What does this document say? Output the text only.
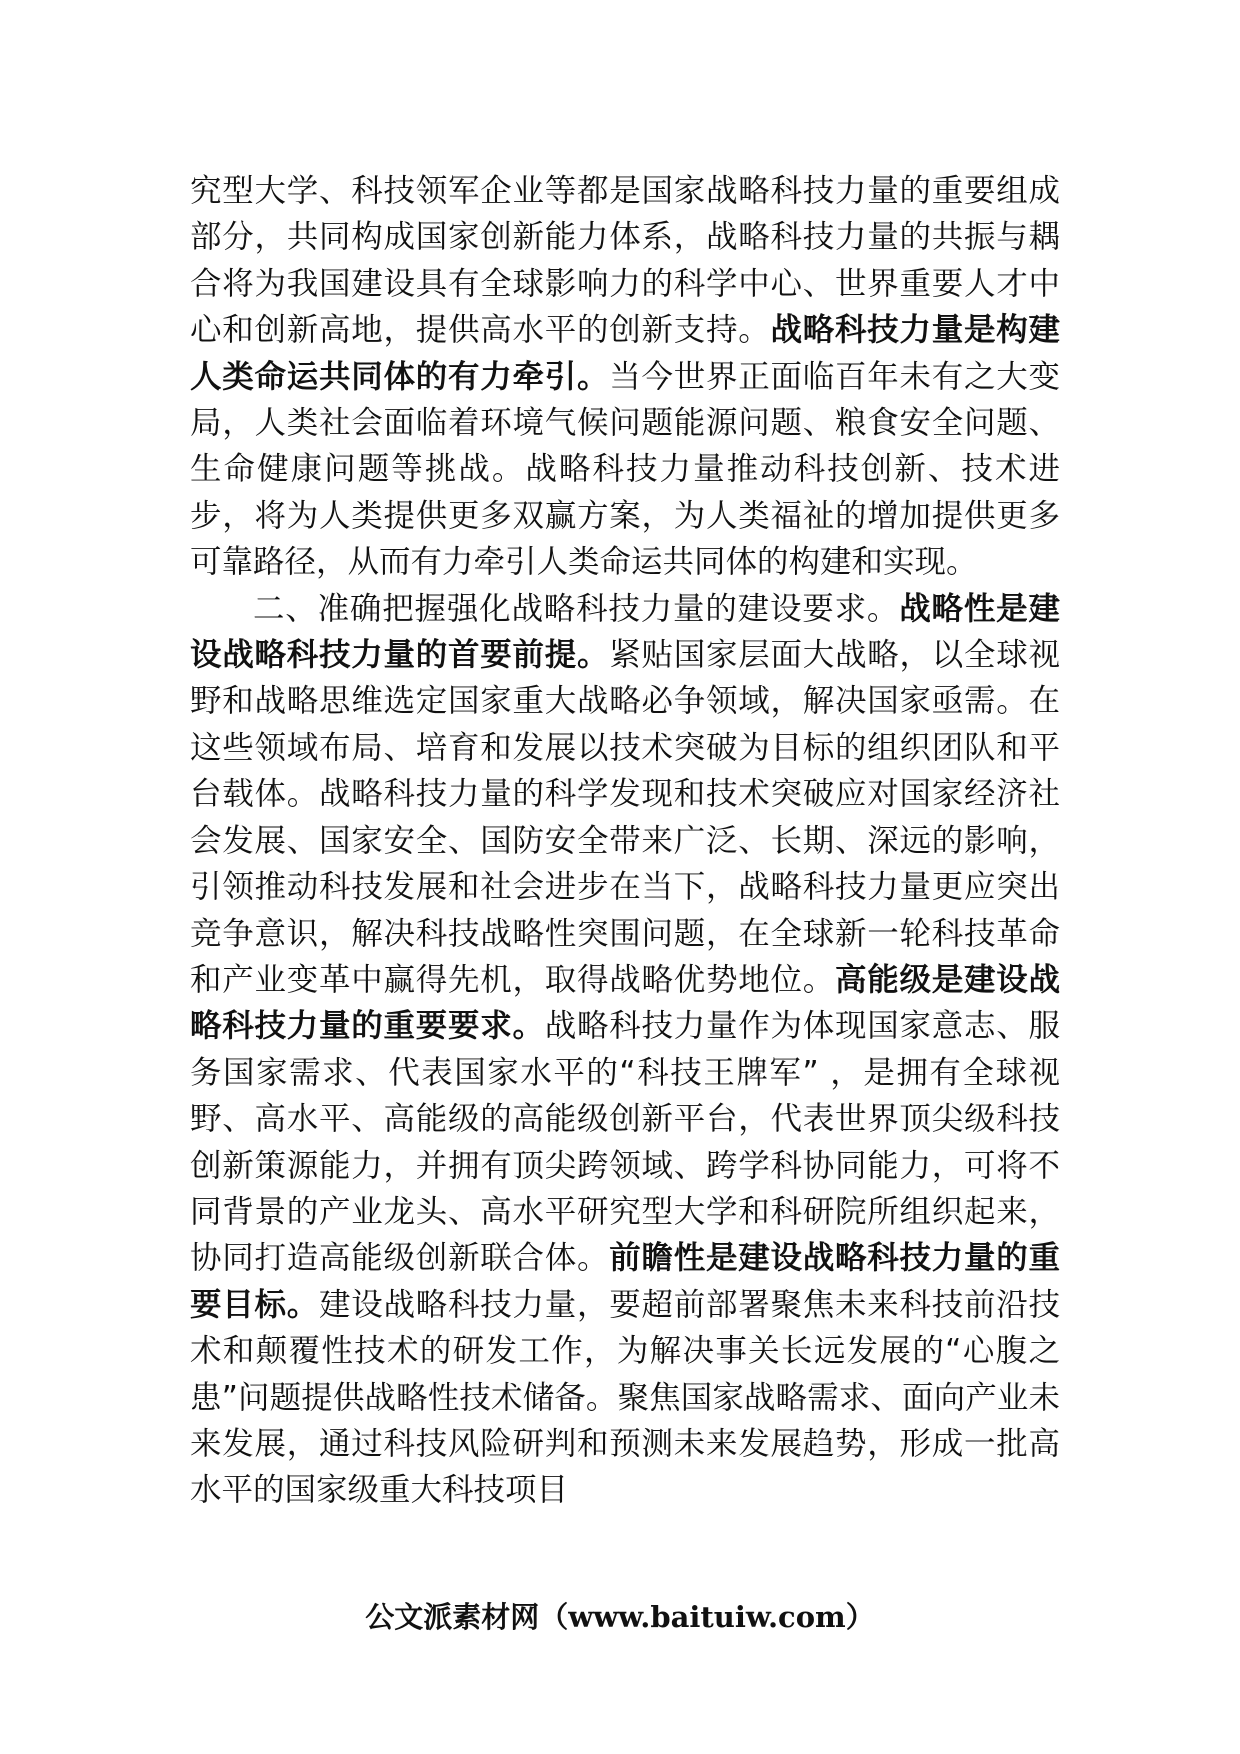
究型大学、科技领军企业等都是国家战略科技力量的重要组成部分，共同构成国家创新能力体系，战略科技力量的共振与耦合将为我国建设具有全球影响力的科学中心、世界重要人才中心和创新高地，提供高水平的创新支持。战略科技力量是构建人类命运共同体的有力牵引。当今世界正面临百年未有之大变局，人类社会面临着环境气候问题能源问题、粮食安全问题、生命健康问题等挑战。战略科技力量推动科技创新、技术进步，将为人类提供更多双赢方案，为人类福祉的增加提供更多可靠路径，从而有力牵引人类命运共同体的构建和实现。

二、准确把握强化战略科技力量的建设要求。战略性是建设战略科技力量的首要前提。紧贴国家层面大战略，以全球视野和战略思维选定国家重大战略必争领域，解决国家亟需。在这些领域布局、培育和发展以技术突破为目标的组织团队和平台载体。战略科技力量的科学发现和技术突破应对国家经济社会发展、国家安全、国防安全带来广泛、长期、深远的影响，引领推动科技发展和社会进步在当下，战略科技力量更应突出竞争意识，解决科技战略性突围问题，在全球新一轮科技革命和产业变革中赢得先机，取得战略优势地位。高能级是建设战略科技力量的重要要求。战略科技力量作为体现国家意志、服务国家需求、代表国家水平的“科技王牌军” ，是拥有全球视野、高水平、高能级的高能级创新平台，代表世界顶尖级科技创新策源能力，并拥有顶尖跨领域、跨学科协同能力，可将不同背景的产业龙头、高水平研究型大学和科研院所组织起来，协同打造高能级创新联合体。前瞻性是建设战略科技力量的重要目标。建设战略科技力量，要超前部署聚焦未来科技前沿技术和颠覆性技术的研发工作，为解决事关长远发展的“心腹之患”问题提供战略性技术储备。聚焦国家战略需求、面向产业未来发展，通过科技风险研判和预测未来发展趋势，形成一批高水平的国家级重大科技项目

公文派素材网（www.baituiw.com）
